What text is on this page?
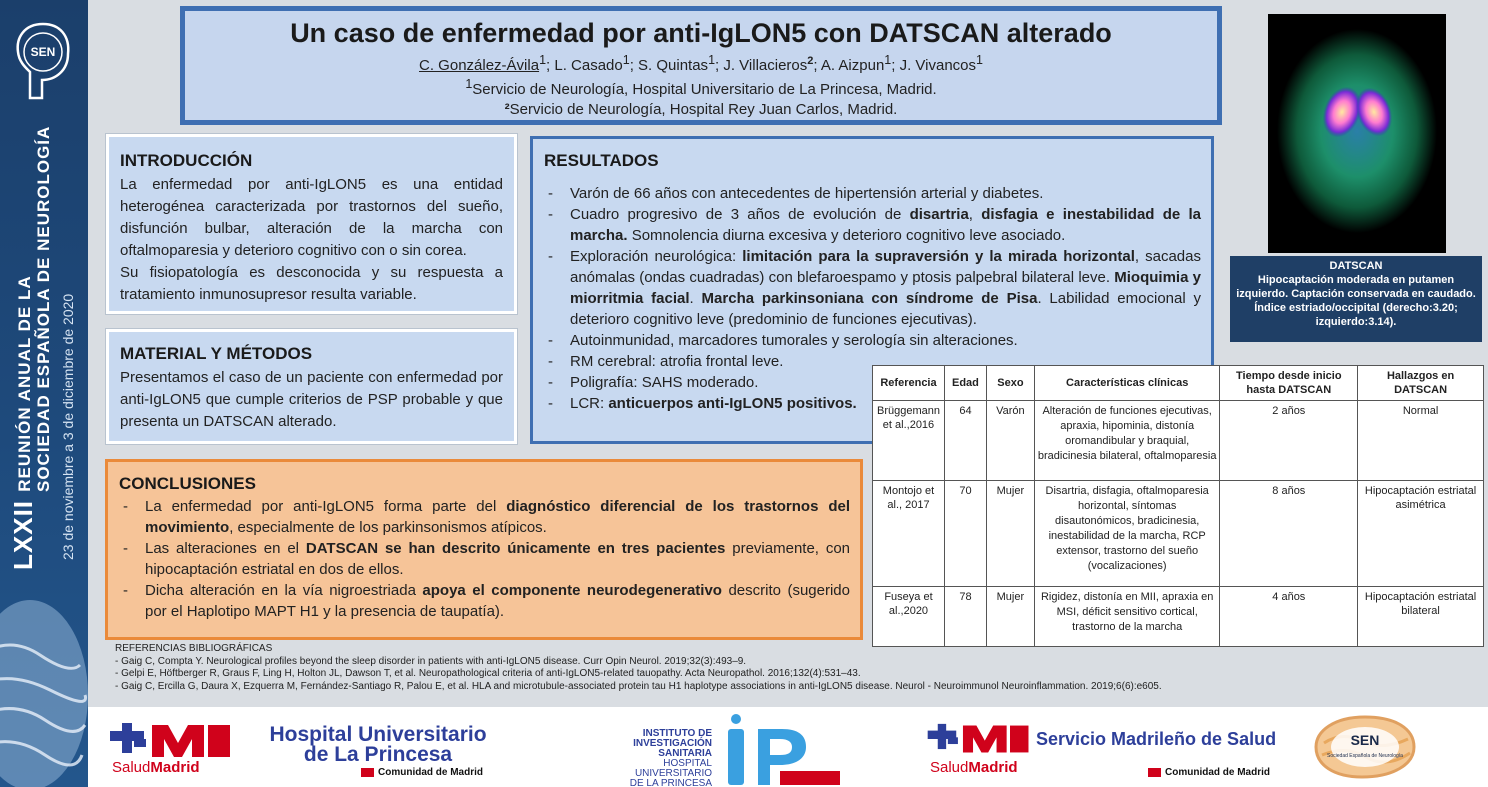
SEN
LXXII REUNIÓN ANUAL DE LA SOCIEDAD ESPAÑOLA DE NEUROLOGÍA 23 de noviembre a 3 de diciembre de 2020
Un caso de enfermedad por anti-IgLON5 con DATSCAN alterado
C. González-Ávila$^1$; L. Casado$^1$; S. Quintas$^1$; J. Villacieros$^2$; A. Aizpun$^1$; J. Vivancos$^1$
$^1$Servicio de Neurología, Hospital Universitario de La Princesa, Madrid.
²Servicio de Neurología, Hospital Rey Juan Carlos, Madrid.
INTRODUCCIÓN

La enfermedad por anti-IgLON5 es una entidad heterogénea caracterizada por trastornos del sueño, disfunción bulbar, alteración de la marcha con oftalmoparesia y deterioro cognitivo con o sin corea.

Su fisiopatología es desconocida y su respuesta a tratamiento inmunosupresor resulta variable.

MATERIAL Y MÉTODOS

Presentamos el caso de un paciente con enfermedad por anti-IgLON5 que cumple criterios de PSP probable y que presenta un DATSCAN alterado.

RESULTADOS
- Varón de 66 años con antecedentes de hipertensión arterial y diabetes.
- Cuadro progresivo de 3 años de evolución de disartria, disfagia e inestabilidad de la marcha. Somnolencia diurna excesiva y deterioro cognitivo leve asociado.
- Exploración neurológica: limitación para la supraversión y la mirada horizontal, sacadas anómalas (ondas cuadradas) con blefaroespamo y ptosis palpebral bilateral leve. Mioquimia y miorritmia facial. Marcha parkinsoniana con síndrome de Pisa. Labilidad emocional y deterioro cognitivo leve (predominio de funciones ejecutivas).
- Autoinmunidad, marcadores tumorales y serología sin alteraciones.
- RM cerebral: atrofia frontal leve.
- Poligrafía: SAHS moderado.
- LCR: anticuerpos anti-IgLON5 positivos.
CONCLUSIONES
- La enfermedad por anti-IgLON5 forma parte del diagnóstico diferencial de los trastornos del movimiento, especialmente de los parkinsonismos atípicos.
- Las alteraciones en el DATSCAN se han descrito únicamente en tres pacientes previamente, con hipocaptación estriatal en dos de ellos.
- Dicha alteración en la vía nigroestriada apoya el componente neurodegenerativo descrito (sugerido por el Haplotipo MAPT H1 y la presencia de taupatía).
DATSCAN
Hipocaptación moderada en putamen izquierdo. Captación conservada en caudado. Índice estriado/occipital (derecho:3.20; izquierdo:3.14).
Referencia	Edad	Sexo	Características clínicas	Tiempo desde inicio hasta DATSCAN	Hallazgos en DATSCAN
Brüggemann et al.,2016	64	Varón	Alteración de funciones ejecutivas, apraxia, hipominia, distonía oromandibular y braquial, bradicinesia bilateral, oftalmoparesia	2 años	Normal
Montojo et al., 2017	70	Mujer	Disartria, disfagia, oftalmoparesia horizontal, síntomas disautonómicos, bradicinesia, inestabilidad de la marcha, RCP extensor, trastorno del sueño (vocalizaciones)	8 años	Hipocaptación estriatal asimétrica
Fuseya et al.,2020	78	Mujer	Rigidez, distonía en MII, apraxia en MSI, déficit sensitivo cortical, trastorno de la marcha	4 años	Hipocaptación estriatal bilateral
REFERENCIAS BIBLIOGRÁFICAS
- Gaig C, Compta Y. Neurological profiles beyond the sleep disorder in patients with anti-IgLON5 disease. Curr Opin Neurol. 2019;32(3):493–9.
- Gelpi E, Höftberger R, Graus F, Ling H, Holton JL, Dawson T, et al. Neuropathological criteria of anti-IgLON5-related tauopathy. Acta Neuropathol. 2016;132(4):531–43.
- Gaig C, Ercilla G, Daura X, Ezquerra M, Fernández-Santiago R, Palou E, et al. HLA and microtubule-associated protein tau H1 haplotype associations in anti-IgLON5 disease. Neurol - Neuroimmunol Neuroinflammation. 2019;6(6):e605.
SaludMadrid
Hospital Universitario
de La Princesa
Comunidad de Madrid
INSTITUTO DE
INVESTIGACIÓN
SANITARIA
HOSPITAL
UNIVERSITARIO
DE LA PRINCESA
SaludMadrid
Servicio Madrileño de Salud
Comunidad de Madrid
SEN
Sociedad Española de Neurología
